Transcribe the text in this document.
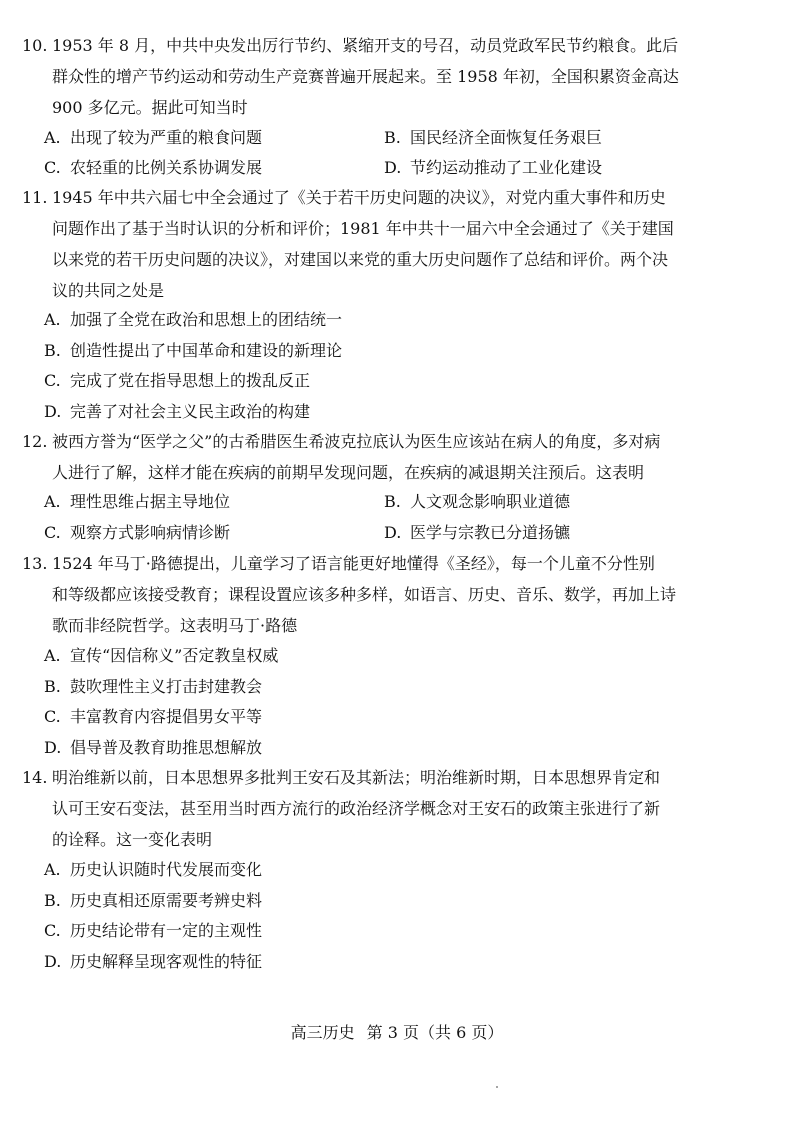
10. 1953 年 8 月，中共中央发出厉行节约、紧缩开支的号召，动员党政军民节约粮食。此后
群众性的增产节约运动和劳动生产竞赛普遍开展起来。至 1958 年初，全国积累资金高达
900 多亿元。据此可知当时
A. 出现了较为严重的粮食问题	B. 国民经济全面恢复任务艰巨
C. 农轻重的比例关系协调发展	D. 节约运动推动了工业化建设
11. 1945 年中共六届七中全会通过了《关于若干历史问题的决议》，对党内重大事件和历史
问题作出了基于当时认识的分析和评价；1981 年中共十一届六中全会通过了《关于建国
以来党的若干历史问题的决议》，对建国以来党的重大历史问题作了总结和评价。两个决
议的共同之处是
A. 加强了全党在政治和思想上的团结统一
B. 创造性提出了中国革命和建设的新理论
C. 完成了党在指导思想上的拨乱反正
D. 完善了对社会主义民主政治的构建
12. 被西方誉为“医学之父”的古希腊医生希波克拉底认为医生应该站在病人的角度，多对病
人进行了解，这样才能在疾病的前期早发现问题，在疾病的减退期关注预后。这表明
A. 理性思维占据主导地位	B. 人文观念影响职业道德
C. 观察方式影响病情诊断	D. 医学与宗教已分道扬镳
13. 1524 年马丁·路德提出，儿童学习了语言能更好地懂得《圣经》，每一个儿童不分性别
和等级都应该接受教育；课程设置应该多种多样，如语言、历史、音乐、数学，再加上诗
歌而非经院哲学。这表明马丁·路德
A. 宣传“因信称义”否定教皇权威
B. 鼓吹理性主义打击封建教会
C. 丰富教育内容提倡男女平等
D. 倡导普及教育助推思想解放
14. 明治维新以前，日本思想界多批判王安石及其新法；明治维新时期，日本思想界肯定和
认可王安石变法，甚至用当时西方流行的政治经济学概念对王安石的政策主张进行了新
的诠释。这一变化表明
A. 历史认识随时代发展而变化
B. 历史真相还原需要考辨史料
C. 历史结论带有一定的主观性
D. 历史解释呈现客观性的特征
高三历史 第 3 页（共 6 页）
